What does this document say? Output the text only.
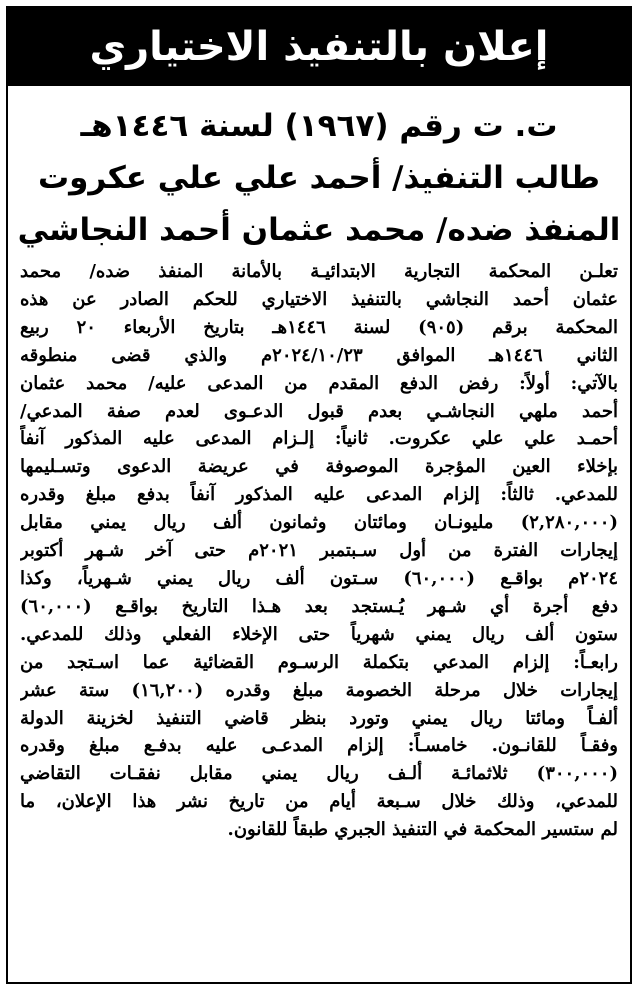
إعلان بالتنفيذ الاختياري
ت. ت رقم (١٩٦٧) لسنة ١٤٤٦هـ
طالب التنفيذ/ أحمد علي علي عكروت
المنفذ ضده/ محمد عثمان أحمد النجاشي
تعلـن المحكمة التجارية الابتدائيـة بالأمانة المنفذ ضده/ محمد
عثمان أحمد النجاشي بالتنفيذ الاختياري للحكم الصادر عن هذه
المحكمة برقم (٩٠٥) لسنة ١٤٤٦هـ بتاريخ الأربعاء ٢٠ ربيع
الثاني ١٤٤٦هـ الموافق ٢٠٢٤/١٠/٢٣م والذي قضى منطوقه
بالآتي: أولاً: رفض الدفع المقدم من المدعى عليه/ محمد عثمان
أحمد ملهي النجاشـي بعدم قبول الدعـوى لعدم صفة المدعي/
أحمـد علي علي عكروت. ثانياً: إلـزام المدعى عليه المذكور آنفاً
بإخلاء العين المؤجرة الموصوفة في عريضة الدعوى وتسـليمها
للمدعي. ثالثاً: إلزام المدعى عليه المذكور آنفاً بدفع مبلغ وقدره
(٢,٢٨٠,٠٠٠) مليونـان ومائتان وثمانون ألف ريال يمني مقابل
إيجارات الفترة من أول سـبتمبر ٢٠٢١م حتى آخر شـهر أكتوبر
٢٠٢٤م بواقـع (٦٠,٠٠٠) سـتون ألف ريال يمني شـهرياً، وكذا
دفع أجرة أي شـهر يُـستجد بعد هـذا التاريخ بواقـع (٦٠,٠٠٠)
ستون ألف ريال يمني شهرياً حتى الإخلاء الفعلي وذلك للمدعي.
رابعـاً: إلزام المدعي بتكملة الرسـوم القضائية عما اسـتجد من
إيجارات خلال مرحلة الخصومة مبلغ وقدره (١٦,٢٠٠) ستة عشر
ألفـاً ومائتا ريال يمني وتورد بنظر قاضي التنفيذ لخزينة الدولة
وفقـاً للقانـون. خامسـاً: إلزام المدعـى عليه بدفـع مبلغ وقدره
(٣٠٠,٠٠٠) ثلاثمائـة ألـف ريال يمني مقابل نفقـات التقاضي
للمدعي، وذلك خلال سـبعة أيام من تاريخ نشر هذا الإعلان، ما
لم ستسير المحكمة في التنفيذ الجبري طبقاً للقانون.
